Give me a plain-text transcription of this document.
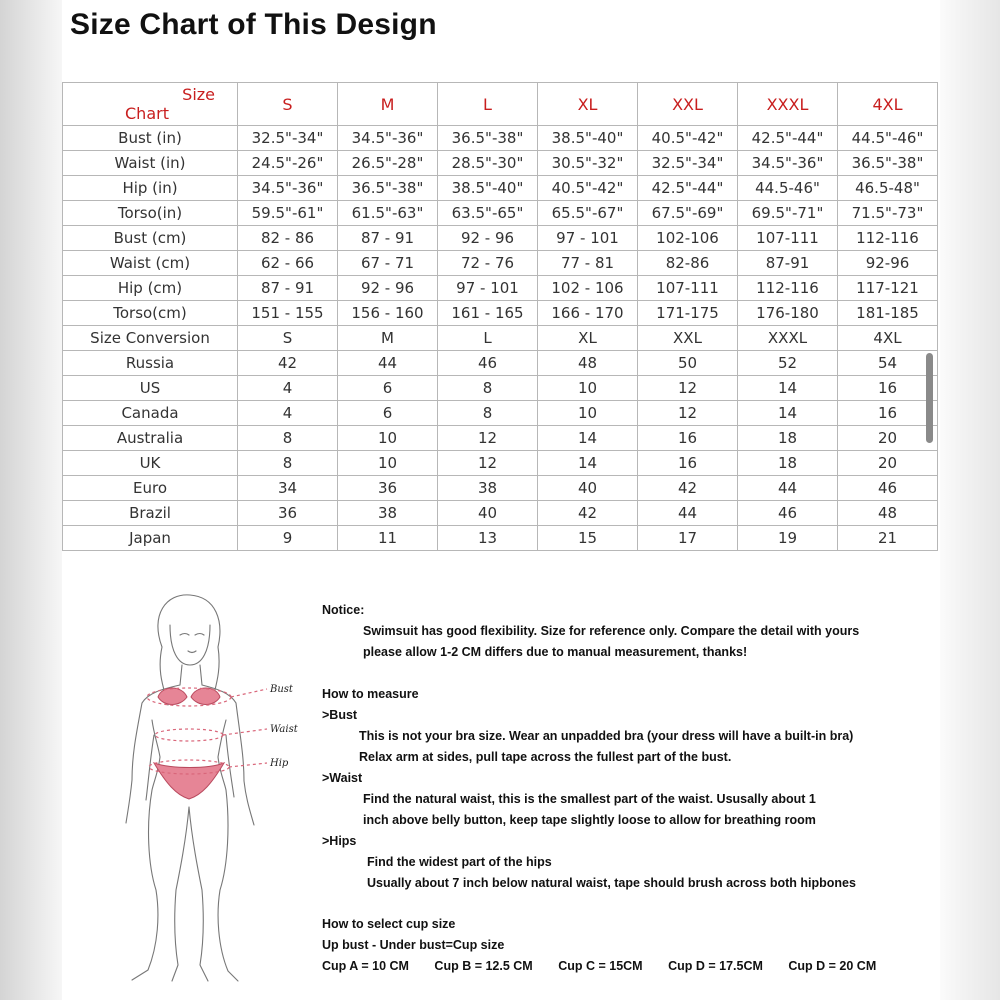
Size Chart of This Design
Size
Chart	S	M	L	XL	XXL	XXXL	4XL
Bust (in)	32.5"-34"	34.5"-36"	36.5"-38"	38.5"-40"	40.5"-42"	42.5"-44"	44.5"-46"
Waist (in)	24.5"-26"	26.5"-28"	28.5"-30"	30.5"-32"	32.5"-34"	34.5"-36"	36.5"-38"
Hip (in)	34.5"-36"	36.5"-38"	38.5"-40"	40.5"-42"	42.5"-44"	44.5-46"	46.5-48"
Torso(in)	59.5"-61"	61.5"-63"	63.5"-65"	65.5"-67"	67.5"-69"	69.5"-71"	71.5"-73"
Bust (cm)	82 - 86	87 - 91	92 - 96	97 - 101	102-106	107-111	112-116
Waist (cm)	62 - 66	67 - 71	72 - 76	77 - 81	82-86	87-91	92-96
Hip (cm)	87 - 91	92 - 96	97 - 101	102 - 106	107-111	112-116	117-121
Torso(cm)	151 - 155	156 - 160	161 - 165	166 - 170	171-175	176-180	181-185
Size Conversion	S	M	L	XL	XXL	XXXL	4XL
Russia	42	44	46	48	50	52	54
US	4	6	8	10	12	14	16
Canada	4	6	8	10	12	14	16
Australia	8	10	12	14	16	18	20
UK	8	10	12	14	16	18	20
Euro	34	36	38	40	42	44	46
Brazil	36	38	40	42	44	46	48
Japan	9	11	13	15	17	19	21
Bust
Waist
Hip
Notice:
Swimsuit has good flexibility. Size for reference only. Compare the detail with yours
please allow 1-2 CM differs due to manual measurement, thanks!
How to measure
>Bust
This is not your bra size. Wear an unpadded bra (your dress will have a built-in bra)
Relax arm at sides, pull tape across the fullest part of the bust.
>Waist
Find the natural waist, this is the smallest part of the waist. Ususally about 1
inch above belly button, keep tape slightly loose to allow for breathing room
>Hips
Find the widest part of the hips
Usually about 7 inch below natural waist, tape should brush across both hipbones
How to select cup size
Up bust - Under bust=Cup size
Cup A = 10 CM Cup B = 12.5 CM Cup C = 15CM Cup D = 17.5CM Cup D = 20 CM
